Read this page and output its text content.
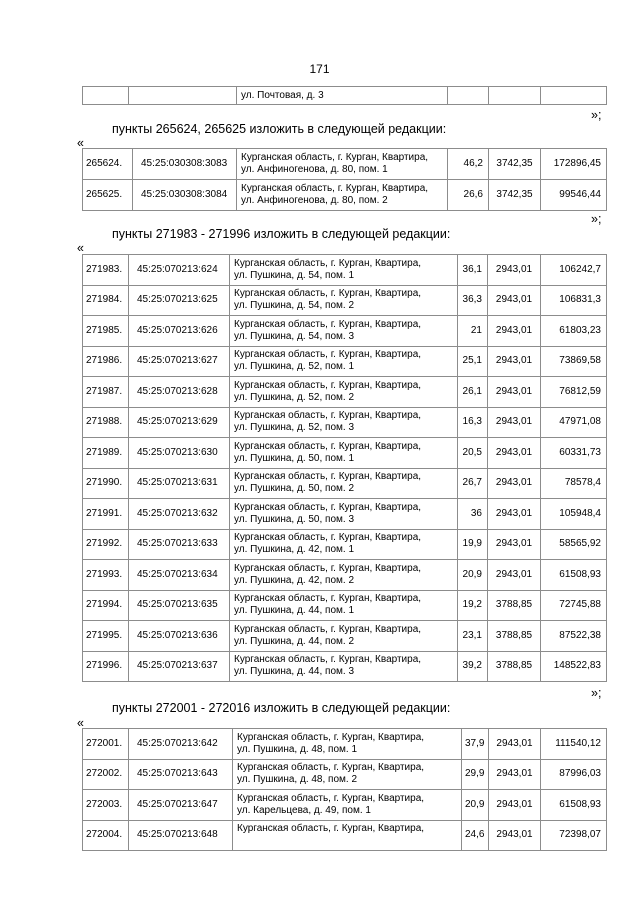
171
		ул. Почтовая, д. 3			
»;
пункты 265624, 265625 изложить в следующей редакции:
«
265624.	45:25:030308:3083	Курганская область, г. Курган, Квартира,
ул. Анфиногенова, д. 80, пом. 1	46,2	3742,35	172896,45
265625.	45:25:030308:3084	Курганская область, г. Курган, Квартира,
ул. Анфиногенова, д. 80, пом. 2	26,6	3742,35	99546,44
»;
пункты 271983 - 271996 изложить в следующей редакции:
«
271983.	45:25:070213:624	Курганская область, г. Курган, Квартира,
ул. Пушкина, д. 54, пом. 1	36,1	2943,01	106242,7
271984.	45:25:070213:625	Курганская область, г. Курган, Квартира,
ул. Пушкина, д. 54, пом. 2	36,3	2943,01	106831,3
271985.	45:25:070213:626	Курганская область, г. Курган, Квартира,
ул. Пушкина, д. 54, пом. 3	21	2943,01	61803,23
271986.	45:25:070213:627	Курганская область, г. Курган, Квартира,
ул. Пушкина, д. 52, пом. 1	25,1	2943,01	73869,58
271987.	45:25:070213:628	Курганская область, г. Курган, Квартира,
ул. Пушкина, д. 52, пом. 2	26,1	2943,01	76812,59
271988.	45:25:070213:629	Курганская область, г. Курган, Квартира,
ул. Пушкина, д. 52, пом. 3	16,3	2943,01	47971,08
271989.	45:25:070213:630	Курганская область, г. Курган, Квартира,
ул. Пушкина, д. 50, пом. 1	20,5	2943,01	60331,73
271990.	45:25:070213:631	Курганская область, г. Курган, Квартира,
ул. Пушкина, д. 50, пом. 2	26,7	2943,01	78578,4
271991.	45:25:070213:632	Курганская область, г. Курган, Квартира,
ул. Пушкина, д. 50, пом. 3	36	2943,01	105948,4
271992.	45:25:070213:633	Курганская область, г. Курган, Квартира,
ул. Пушкина, д. 42, пом. 1	19,9	2943,01	58565,92
271993.	45:25:070213:634	Курганская область, г. Курган, Квартира,
ул. Пушкина, д. 42, пом. 2	20,9	2943,01	61508,93
271994.	45:25:070213:635	Курганская область, г. Курган, Квартира,
ул. Пушкина, д. 44, пом. 1	19,2	3788,85	72745,88
271995.	45:25:070213:636	Курганская область, г. Курган, Квартира,
ул. Пушкина, д. 44, пом. 2	23,1	3788,85	87522,38
271996.	45:25:070213:637	Курганская область, г. Курган, Квартира,
ул. Пушкина, д. 44, пом. 3	39,2	3788,85	148522,83
»;
пункты 272001 - 272016 изложить в следующей редакции:
«
272001.	45:25:070213:642	Курганская область, г. Курган, Квартира,
ул. Пушкина, д. 48, пом. 1	37,9	2943,01	111540,12
272002.	45:25:070213:643	Курганская область, г. Курган, Квартира,
ул. Пушкина, д. 48, пом. 2	29,9	2943,01	87996,03
272003.	45:25:070213:647	Курганская область, г. Курган, Квартира,
ул. Карельцева, д. 49, пом. 1	20,9	2943,01	61508,93
272004.	45:25:070213:648	Курганская область, г. Курган, Квартира,	24,6	2943,01	72398,07
